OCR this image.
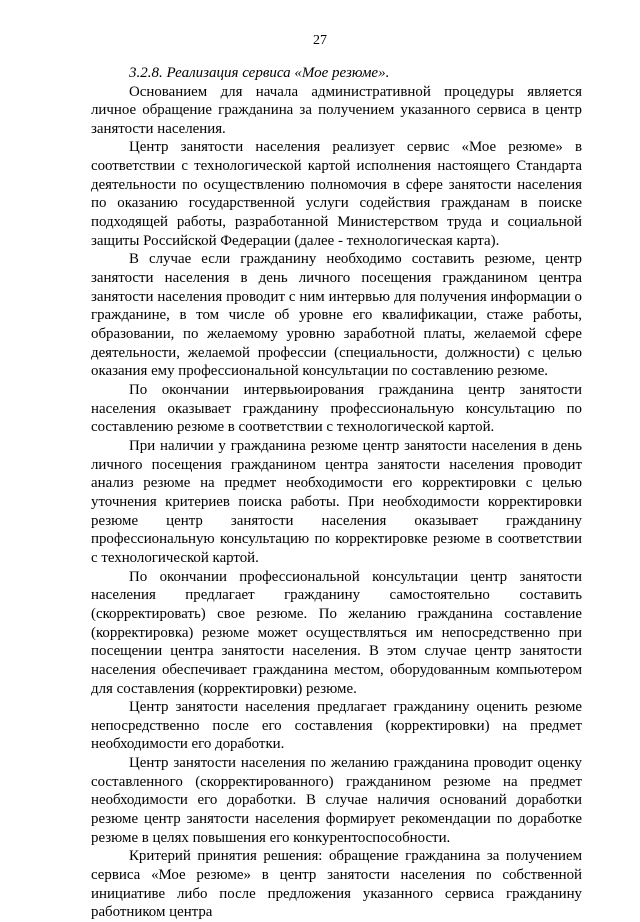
27

3.2.8. Реализация сервиса «Мое резюме».

Основанием для начала административной процедуры является личное обращение гражданина за получением указанного сервиса в центр занятости населения.

Центр занятости населения реализует сервис «Мое резюме» в соответствии с технологической картой исполнения настоящего Стандарта деятельности по осуществлению полномочия в сфере занятости населения по оказанию государственной услуги содействия гражданам в поиске подходящей работы, разработанной Министерством труда и социальной защиты Российской Федерации (далее - технологическая карта).

В случае если гражданину необходимо составить резюме, центр занятости населения в день личного посещения гражданином центра занятости населения проводит с ним интервью для получения информации о гражданине, в том числе об уровне его квалификации, стаже работы, образовании, по желаемому уровню заработной платы, желаемой сфере деятельности, желаемой профессии (специальности, должности) с целью оказания ему профессиональной консультации по составлению резюме.

По окончании интервьюирования гражданина центр занятости населения оказывает гражданину профессиональную консультацию по составлению резюме в соответствии с технологической картой.

При наличии у гражданина резюме центр занятости населения в день личного посещения гражданином центра занятости населения проводит анализ резюме на предмет необходимости его корректировки с целью уточнения критериев поиска работы. При необходимости корректировки резюме центр занятости населения оказывает гражданину профессиональную консультацию по корректировке резюме в соответствии с технологической картой.

По окончании профессиональной консультации центр занятости населения предлагает гражданину самостоятельно составить (скорректировать) свое резюме. По желанию гражданина составление (корректировка) резюме может осуществляться им непосредственно при посещении центра занятости населения. В этом случае центр занятости населения обеспечивает гражданина местом, оборудованным компьютером для составления (корректировки) резюме.

Центр занятости населения предлагает гражданину оценить резюме непосредственно после его составления (корректировки) на предмет необходимости его доработки.

Центр занятости населения по желанию гражданина проводит оценку составленного (скорректированного) гражданином резюме на предмет необходимости его доработки. В случае наличия оснований доработки резюме центр занятости населения формирует рекомендации по доработке резюме в целях повышения его конкурентоспособности.

Критерий принятия решения: обращение гражданина за получением сервиса «Мое резюме» в центр занятости населения по собственной инициативе либо после предложения указанного сервиса гражданину работником центра
